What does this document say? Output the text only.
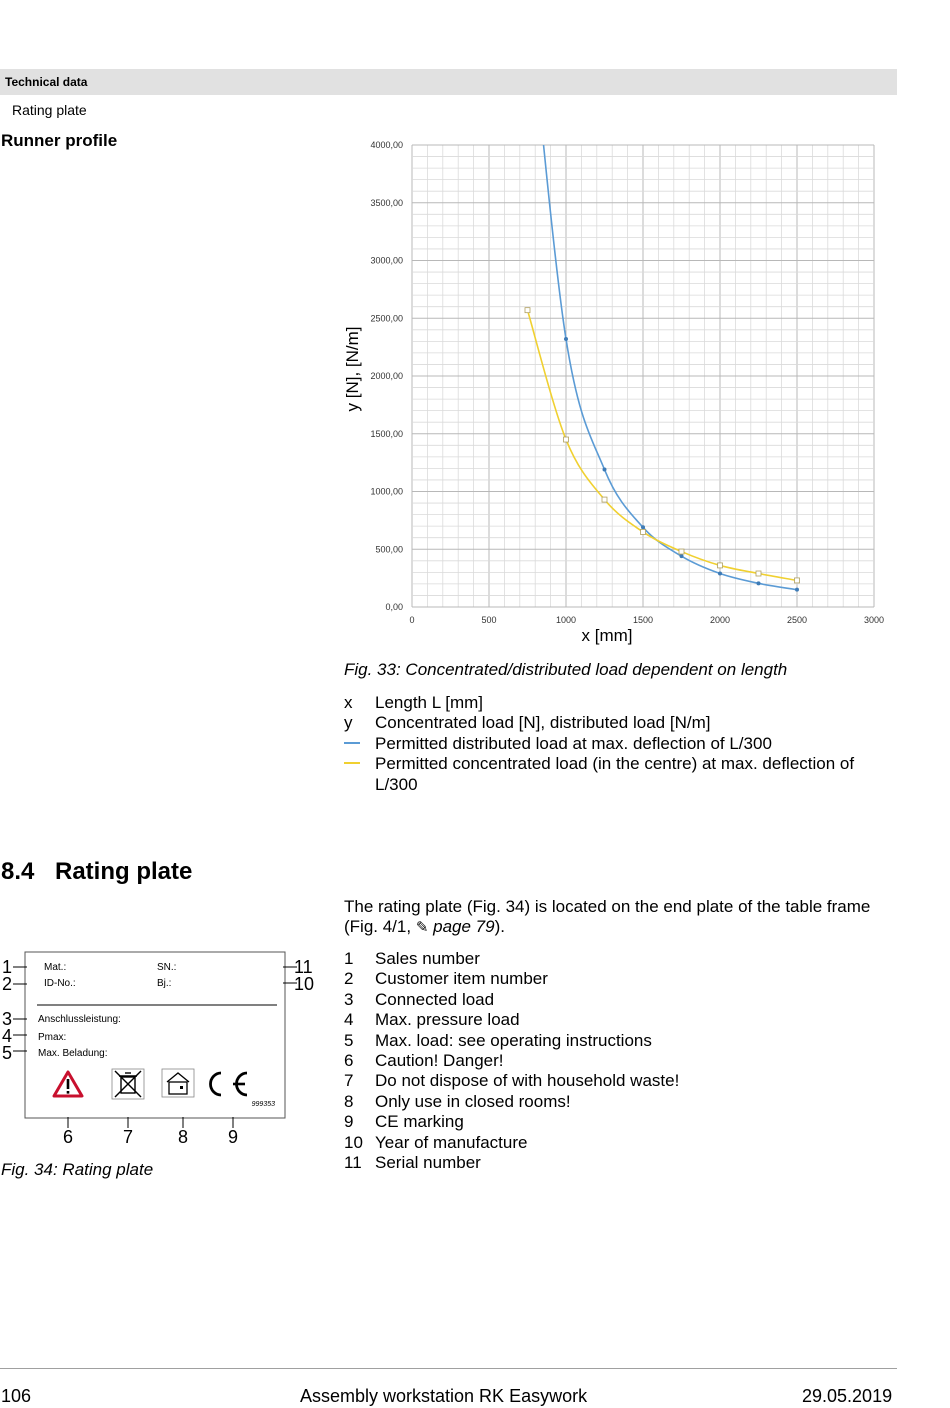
Technical data
Rating plate
Runner profile
0	500	1000	1500	2000	2500	3000
0,00
500,00
1000,00
1500,00
2000,00
2500,00
3000,00
3500,00
4000,00
x [mm]
y [N], [N/m]
Fig. 33: Concentrated/distributed load dependent on length
x	Length L [mm]
y	Concentrated load [N], distributed load [N/m]
Permitted distributed load at max. deflection of L/300
Permitted concentrated load (in the centre) at max. deflection of L/300
8.4 Rating plate
The rating plate (Fig. 34) is located on the end plate of the table frame (Fig. 4/1, ✎ page 79).
Mat.:	SN.:
ID-No.:	Bj.:
Anschlussleistung:
Pmax:
Max. Beladung:
999353
1
2
3
4
5
6	7 8 9
10
11
Fig. 34: Rating plate
1	Sales number
2	Customer item number
3	Connected load
4	Max. pressure load
5	Max. load: see operating instructions
6	Caution! Danger!
7	Do not dispose of with household waste!
8	Only use in closed rooms!
9	CE marking
10 Year of manufacture
11 Serial number
106	Assembly workstation RK Easywork	29.05.2019
